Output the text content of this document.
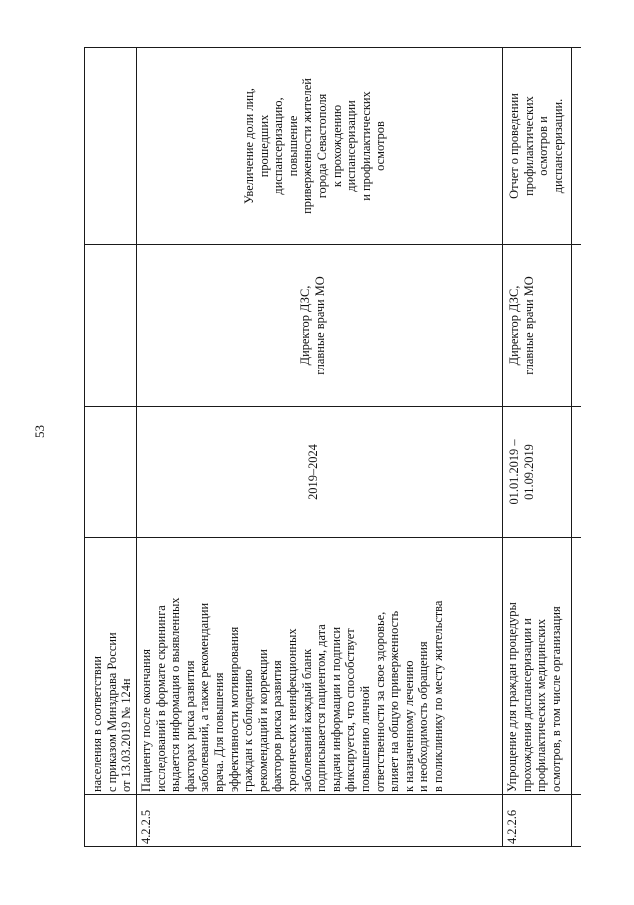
53
населения в соответствии с приказом Минздрава России от 13.03.2019 № 124н
4.2.2.5
Пациенту после окончания исследований в формате скрининга выдается информация о выявленных факторах риска развития заболеваний, а также рекомендации врача. Для повышения эффективности мотивирования граждан к соблюдению рекомендаций и коррекции факторов риска развития хронических неинфекционных заболеваний каждый бланк подписывается пациентом, дата выдачи информации и подписи фиксируется, что способствует повышению личной ответственности за свое здоровье, влияет на общую приверженность к назначенному лечению и необходимость обращения в поликлинику по месту жительства
2019–2024
Директор ДЗС, главные врачи МО
Увеличение доли лиц, прошедших диспансеризацию, повышение приверженности жителей города Севастополя к прохождению диспансеризации и профилактических осмотров
4.2.2.6
Упрощение для граждан процедуры прохождения диспансеризации и профилактических медицинских осмотров, в том числе организация
01.01.2019 – 01.09.2019
Директор ДЗС, главные врачи МО
Отчет о проведении профилактических осмотров и диспансеризации.
